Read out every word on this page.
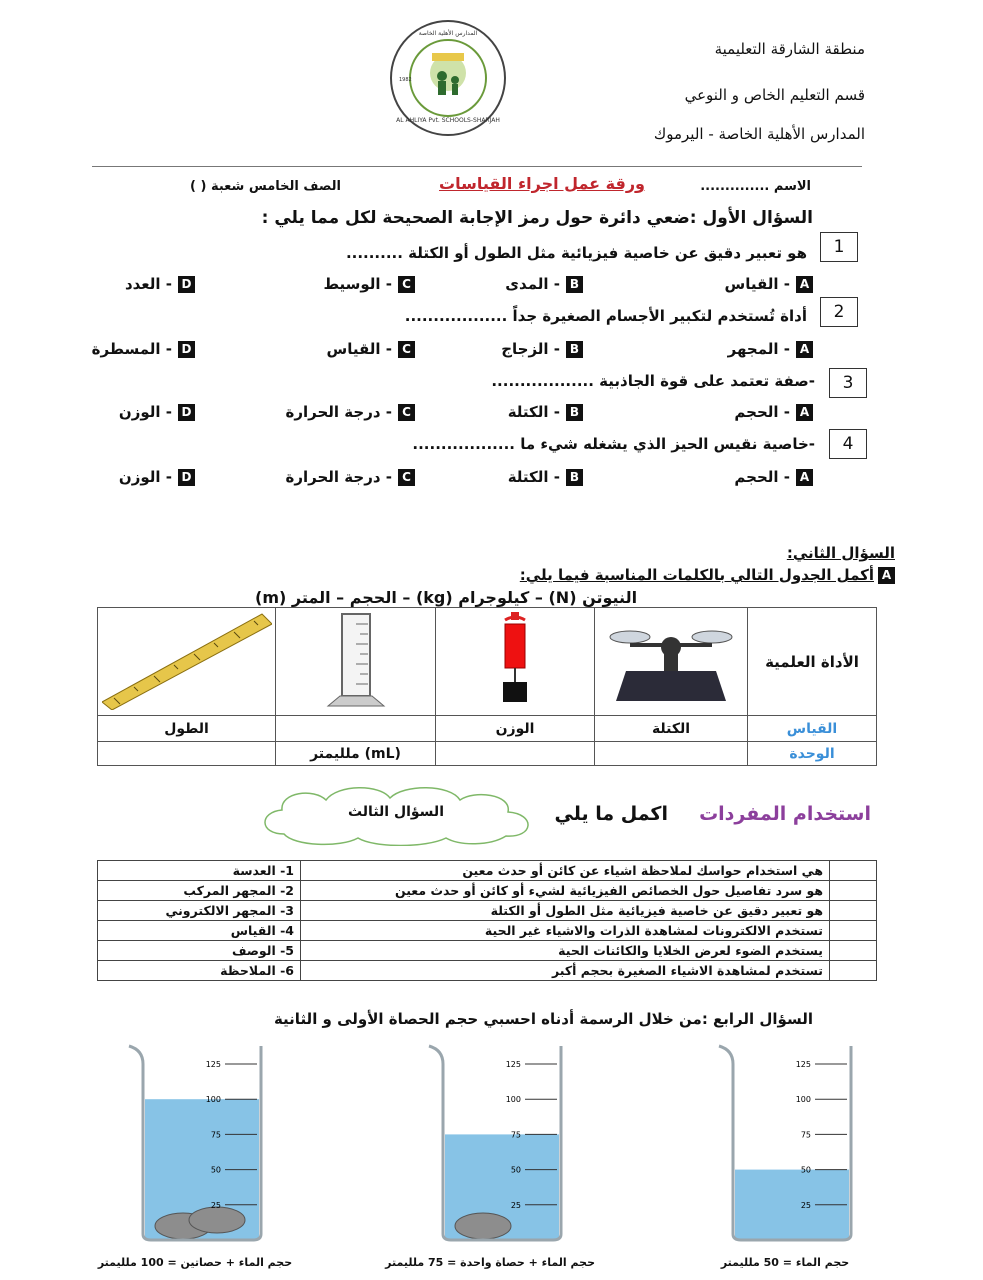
AL AHLIYA Pvt. SCHOOLS-SHARJAH
المدارس الأهلية الخاصة
1982
منطقة الشارقة التعليمية
قسم التعليم الخاص و النوعي
المدارس الأهلية الخاصة - اليرموك
الاسم ..............
ورقة عمل اجراء القياسات
الصف الخامس شعبة ( )
السؤال الأول :ضعي دائرة حول رمز الإجابة الصحيحة لكل مما يلي :
1
هو تعبير دقيق عن خاصية فيزيائية مثل الطول أو الكتلة ..........
A
- القياس
B
- المدى
C
- الوسيط
D
- العدد
2
أداة تُستخدم لتكبير الأجسام الصغيرة جداً ..................
A
- المجهر
B
- الزجاج
C
- القياس
D
- المسطرة
3
-صفة تعتمد على قوة الجاذبية ..................
A
- الحجم
B
- الكتلة
C
- درجة الحرارة
D
- الوزن
4
-خاصية نقيس الحيز الذي يشغله شيء ما ..................
A
- الحجم
B
- الكتلة
C
- درجة الحرارة
D
- الوزن
السؤال الثاني:
A
أكمل الجدول التالي بالكلمات المناسبة فيما يلي:
النيوتن (N) – كيلوجرام (kg) – الحجم – المتر (m)
				الأداة العلمية
الطول		الوزن	الكتلة	القياس
	ملليمتر (mL)			الوحدة
استخدام المفردات
اكمل ما يلي
السؤال الثالث
1- العدسة	هي استخدام حواسك لملاحظة اشياء عن كائن أو حدث معين	
2- المجهر المركب	هو سرد تفاصيل حول الخصائص الفيزيائية لشيء أو كائن أو حدث معين	
3- المجهر الالكتروني	هو تعبير دقيق عن خاصية فيزيائية مثل الطول أو الكتلة	
4- القياس	تستخدم الالكترونات لمشاهدة الذرات والاشياء غير الحية	
5- الوصف	يستخدم الضوء لعرض الخلايا والكائنات الحية	
6- الملاحظة	تستخدم لمشاهدة الاشياء الصغيرة بحجم أكبر	
السؤال الرابع :من خلال الرسمة أدناه احسبي حجم الحصاة الأولى و الثانية
125
100
75
50
25
حجم الماء = 50 ملليمتر
125
100
75
50
25
حجم الماء + حصاة واحدة = 75 ملليمتر
125
100
75
50
25
حجم الماء + حصاتين = 100 ملليمتر
